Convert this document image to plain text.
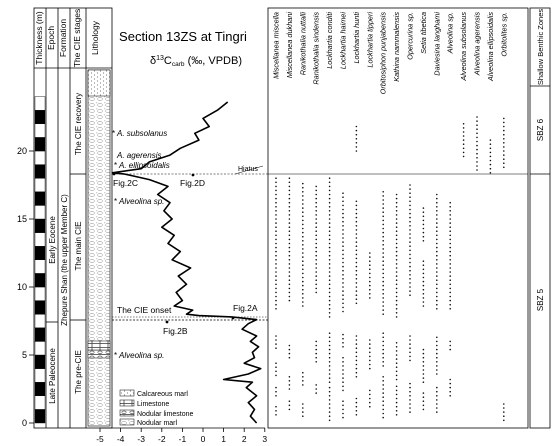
Thickness (m) Epoch Formation The CIE stages Lithology
0
5
10
15
20
Late Paleocene
Early Eocene Zhepure Shan (the upper Member C)
The pre-CIE
The main CIE
The CIE recovery
Section 13ZS at Tingri
$\delta^{13}Ccarb$ (‰, VPDB)
-5 -4 -3 -2 -1 0 1 2 3
The CIE onset	Fig.2A
Fig.2B
Fig.2C	Fig.2D
Hiatus
* Alveolina sp.
* Alveolina sp.
A. agerensis
* A. ellipsoidalis
* A. subsolanus
Calcareous marl
Limestone
Nodular limestone
Nodular marl
Miscellanea miscella Miscellanea dukhani Ranikothalia nuttalli Ranikothalia sindensis Lockhartia conditi Lockhartia haimei Lockhartia hunti Lockhartia tipperi Orbitosiphon punjabensis Kathina nammalensis Opercurina sp. Setia tibetica Daviesina langhami Alveolina sp. Alveolina subsolanus Alveolina agerensis Alveolina ellipsoidalis Orbitolites sp.	Shallow Benthic Zones
SBZ 5
SBZ 6
